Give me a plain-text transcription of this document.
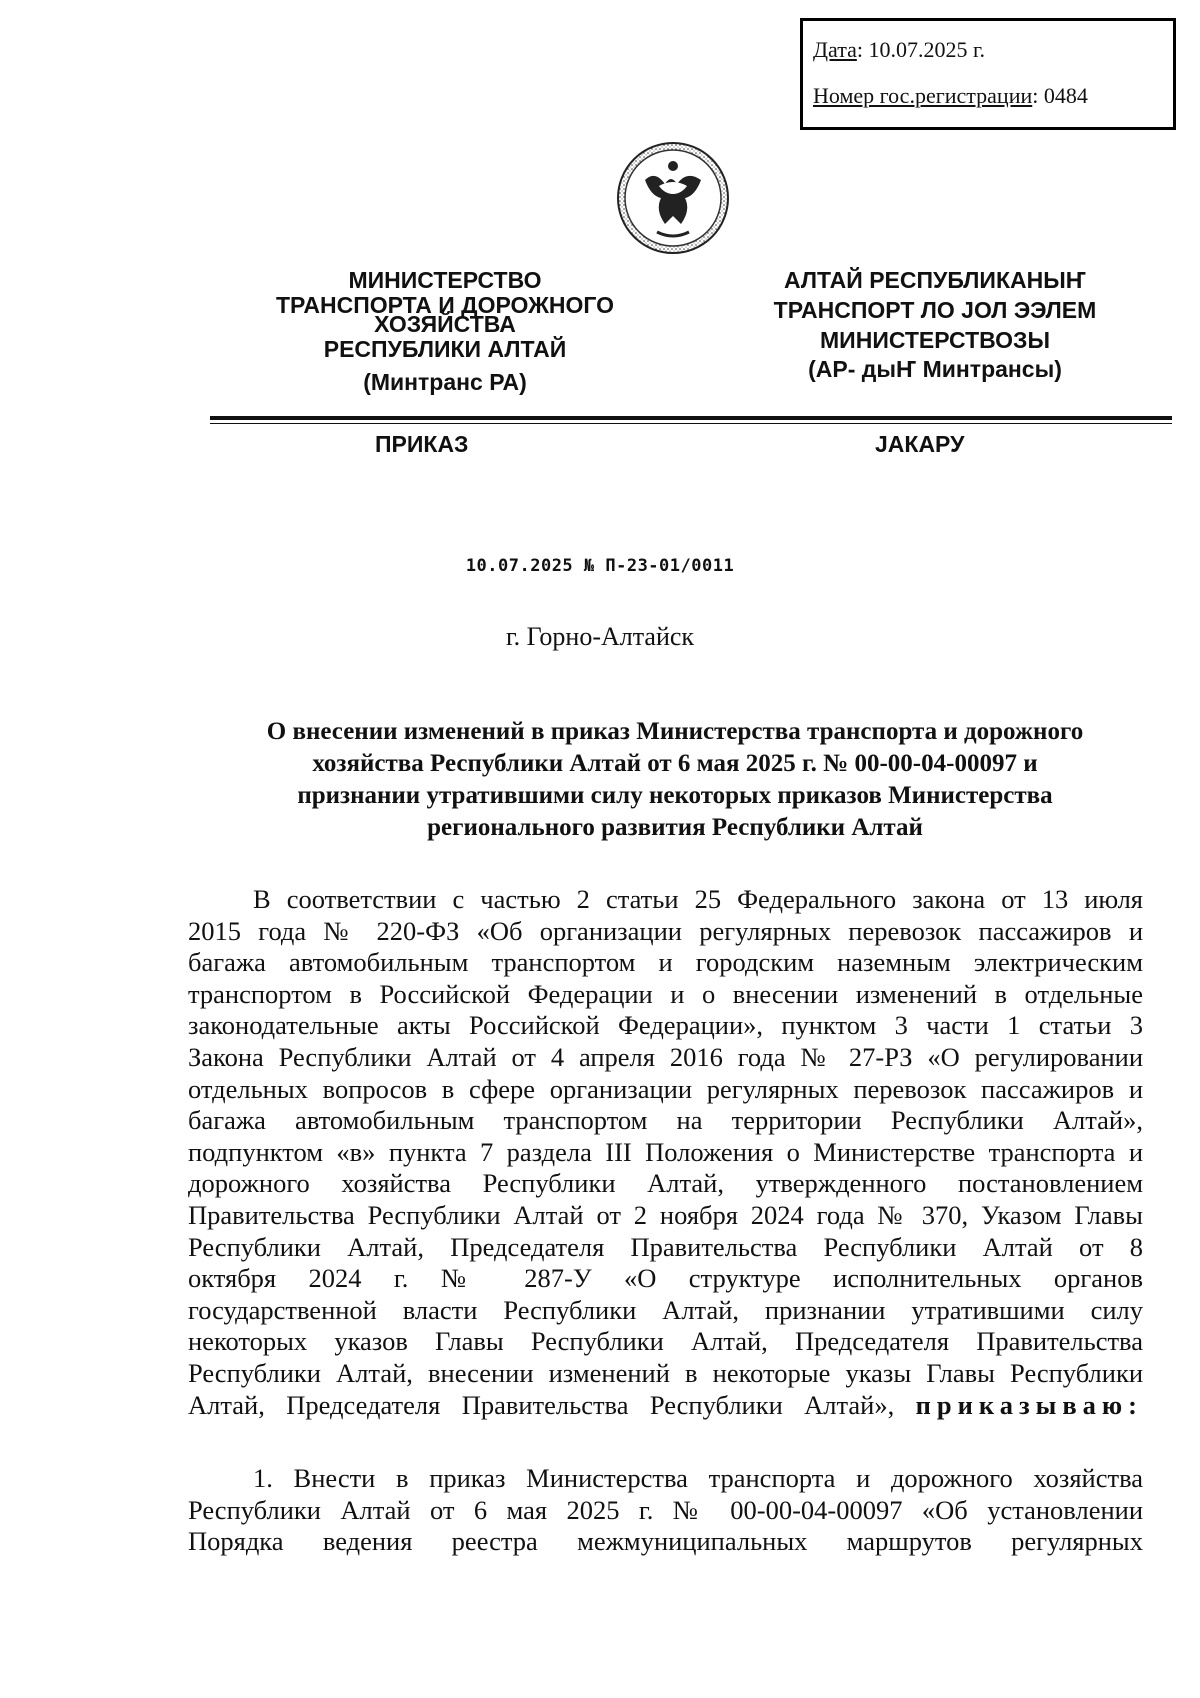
Дата: 10.07.2025 г.
Номер гос.регистрации: 0484
МИНИСТЕРСТВО
ТРАНСПОРТА И ДОРОЖНОГО
ХОЗЯЙСТВА
РЕСПУБЛИКИ АЛТАЙ
(Минтранс РА)
АЛТАЙ РЕСПУБЛИКАНЫҤ
ТРАНСПОРТ ЛО JОЛ ЭЭЛЕМ
МИНИСТЕРСТВОЗЫ
(АР- дыҤ Минтрансы)
ПРИКАЗ	JАКАРУ
10.07.2025 № П-23-01/0011
г. Горно-Алтайск
О внесении изменений в приказ Министерства транспорта и дорожного
хозяйства Республики Алтай от 6 мая 2025 г. № 00-00-04-00097 и
признании утратившими силу некоторых приказов Министерства
регионального развития Республики Алтай
В соответствии с частью 2 статьи 25 Федерального закона от 13 июля
2015 года № 220-ФЗ «Об организации регулярных перевозок пассажиров и
багажа автомобильным транспортом и городским наземным электрическим
транспортом в Российской Федерации и о внесении изменений в отдельные
законодательные акты Российской Федерации», пунктом 3 части 1 статьи 3
Закона Республики Алтай от 4 апреля 2016 года № 27-РЗ «О регулировании
отдельных вопросов в сфере организации регулярных перевозок пассажиров и
багажа автомобильным транспортом на территории Республики Алтай»,
подпунктом «в» пункта 7 раздела III Положения о Министерстве транспорта и
дорожного хозяйства Республики Алтай, утвержденного постановлением
Правительства Республики Алтай от 2 ноября 2024 года № 370, Указом Главы
Республики Алтай, Председателя Правительства Республики Алтай от 8
октября 2024 г. № 287-У «О структуре исполнительных органов
государственной власти Республики Алтай, признании утратившими силу
некоторых указов Главы Республики Алтай, Председателя Правительства
Республики Алтай, внесении изменений в некоторые указы Главы Республики
Алтай, Председателя Правительства Республики Алтай», приказываю:
1. Внести в приказ Министерства транспорта и дорожного хозяйства
Республики Алтай от 6 мая 2025 г. № 00-00-04-00097 «Об установлении
Порядка ведения реестра межмуниципальных маршрутов регулярных
